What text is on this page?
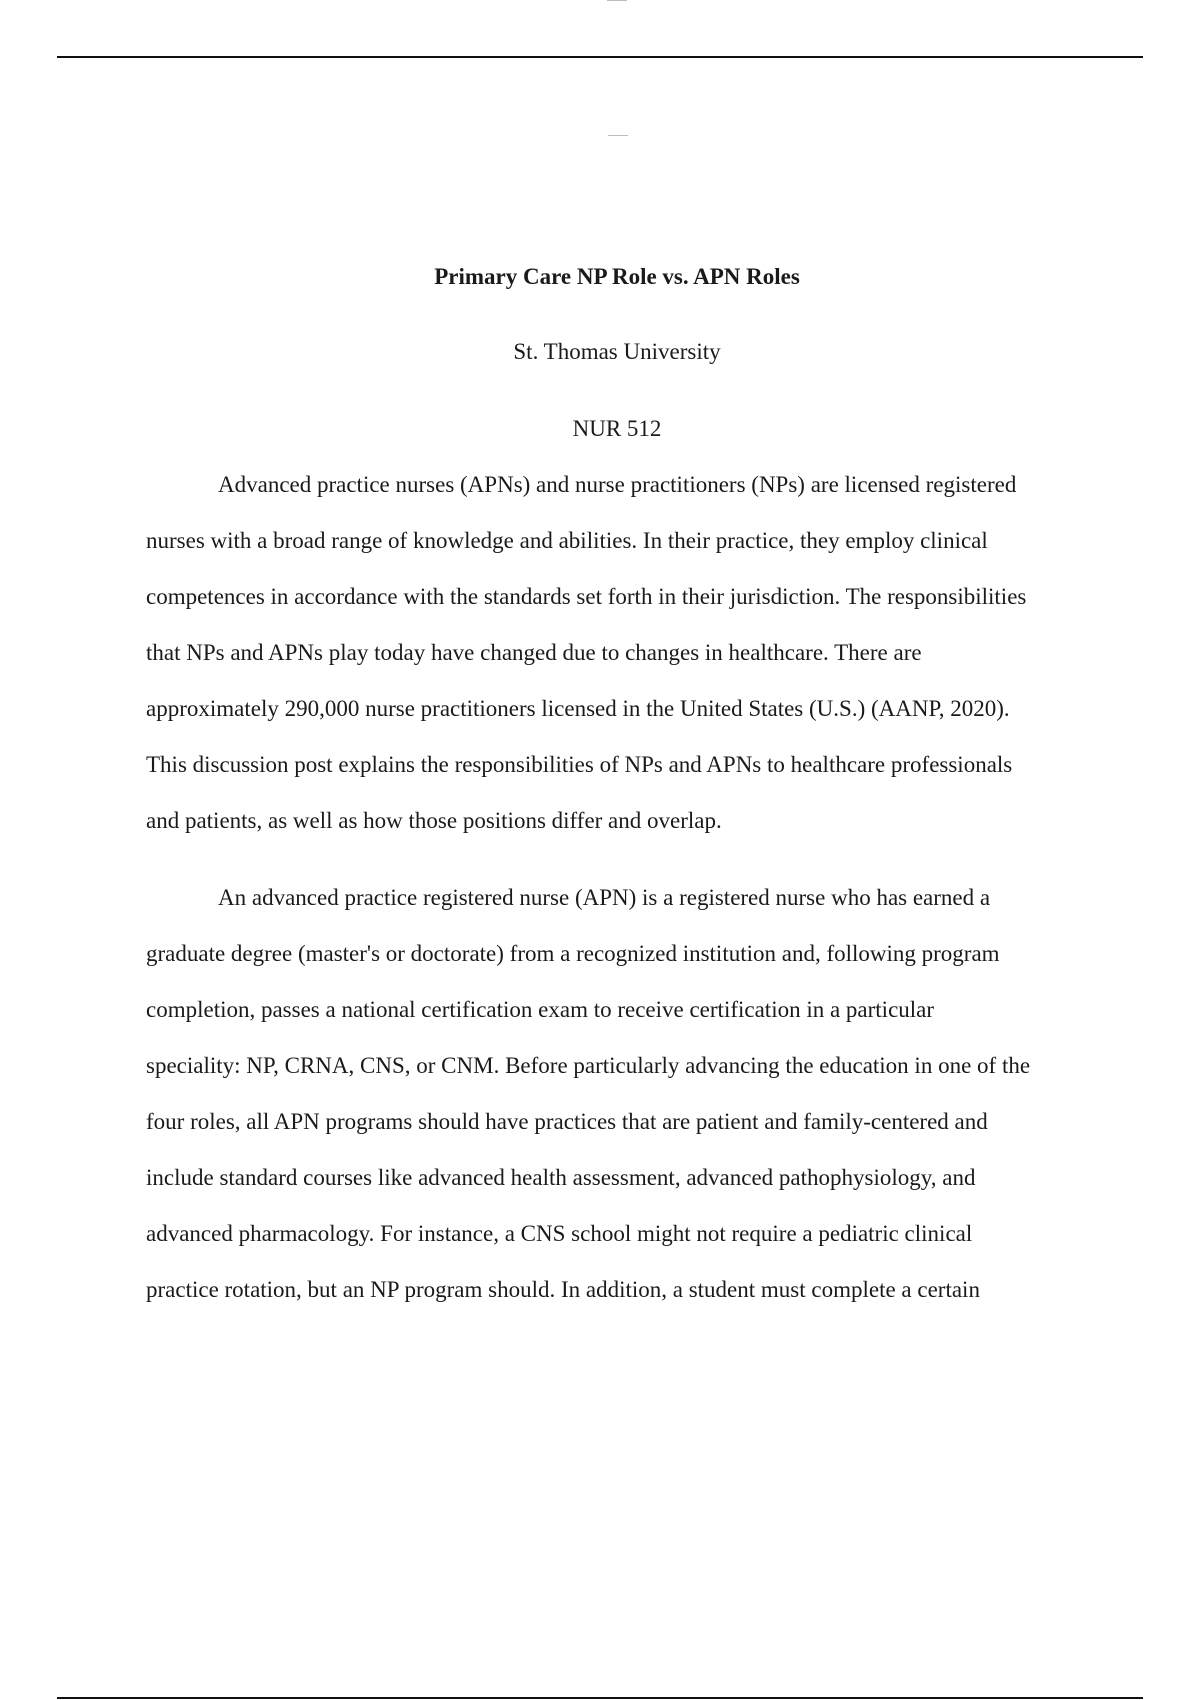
Primary Care NP Role vs. APN Roles
St. Thomas University
NUR 512
Advanced practice nurses (APNs) and nurse practitioners (NPs) are licensed registered
nurses with a broad range of knowledge and abilities. In their practice, they employ clinical
competences in accordance with the standards set forth in their jurisdiction. The responsibilities
that NPs and APNs play today have changed due to changes in healthcare. There are
approximately 290,000 nurse practitioners licensed in the United States (U.S.) (AANP, 2020).
This discussion post explains the responsibilities of NPs and APNs to healthcare professionals
and patients, as well as how those positions differ and overlap.
An advanced practice registered nurse (APN) is a registered nurse who has earned a
graduate degree (master's or doctorate) from a recognized institution and, following program
completion, passes a national certification exam to receive certification in a particular
speciality: NP, CRNA, CNS, or CNM. Before particularly advancing the education in one of the
four roles, all APN programs should have practices that are patient and family-centered and
include standard courses like advanced health assessment, advanced pathophysiology, and
advanced pharmacology. For instance, a CNS school might not require a pediatric clinical
practice rotation, but an NP program should. In addition, a student must complete a certain
